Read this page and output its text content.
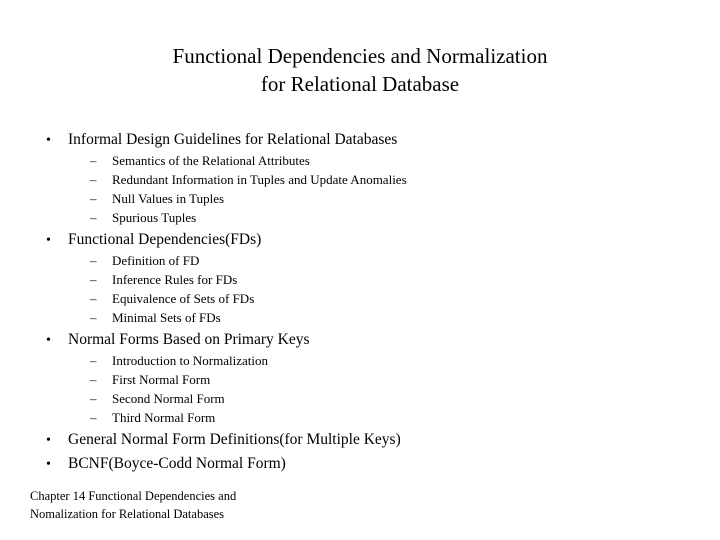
Functional Dependencies and Normalization
for Relational Database
•	Informal Design Guidelines for Relational Databases
–	Semantics of the Relational Attributes
–	Redundant Information in Tuples and Update Anomalies
–	Null Values in Tuples
–	Spurious Tuples
•	Functional Dependencies(FDs)
–	Definition of FD
–	Inference Rules for FDs
–	Equivalence of Sets of FDs
–	Minimal Sets of FDs
•	Normal Forms Based on Primary Keys
–	Introduction to Normalization
–	First Normal Form
–	Second Normal Form
–	Third Normal Form
•	General Normal Form Definitions(for Multiple Keys)
•	BCNF(Boyce-Codd Normal Form)
Chapter 14 Functional Dependencies and
Nomalization for Relational Databases
